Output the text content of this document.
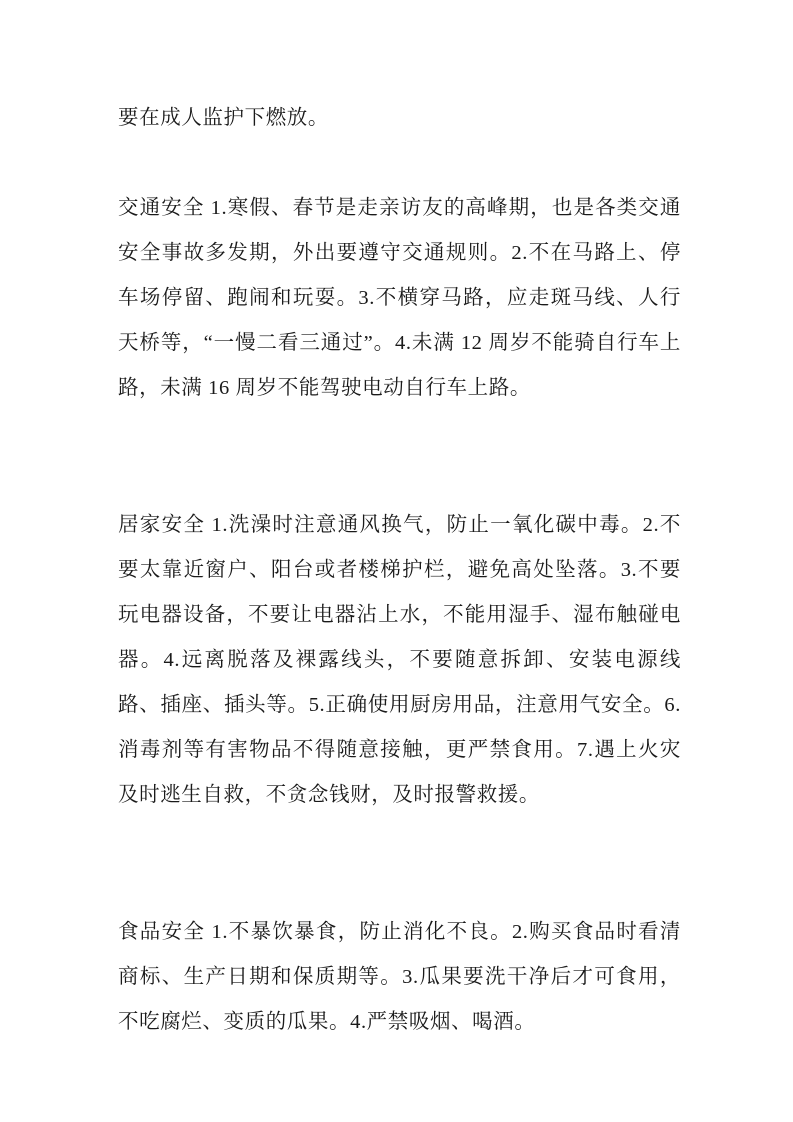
要在成人监护下燃放。

交通安全 1.寒假、春节是走亲访友的高峰期，也是各类交通安全事故多发期，外出要遵守交通规则。2.不在马路上、停车场停留、跑闹和玩耍。3.不横穿马路，应走斑马线、人行天桥等，“一慢二看三通过”。4.未满 12 周岁不能骑自行车上路，未满 16 周岁不能驾驶电动自行车上路。

居家安全 1.洗澡时注意通风换气，防止一氧化碳中毒。2.不要太靠近窗户、阳台或者楼梯护栏，避免高处坠落。3.不要玩电器设备，不要让电器沾上水，不能用湿手、湿布触碰电器。4.远离脱落及裸露线头，不要随意拆卸、安装电源线路、插座、插头等。5.正确使用厨房用品，注意用气安全。6.消毒剂等有害物品不得随意接触，更严禁食用。7.遇上火灾及时逃生自救，不贪念钱财，及时报警救援。

食品安全 1.不暴饮暴食，防止消化不良。2.购买食品时看清商标、生产日期和保质期等。3.瓜果要洗干净后才可食用，不吃腐烂、变质的瓜果。4.严禁吸烟、喝酒。
